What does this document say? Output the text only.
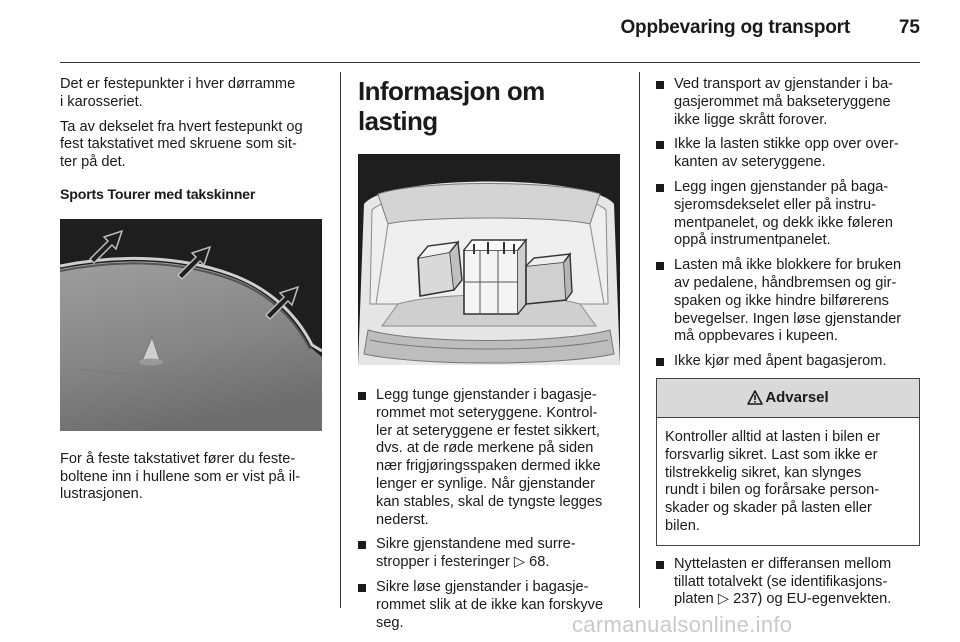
Oppbevaring og transport	75

Det er festepunkter i hver dørramme
i karosseriet.

Ta av dekselet fra hvert festepunkt og
fest takstativet med skruene som sit-
ter på det.

Sports Tourer med takskinner

For å feste takstativet fører du feste-
boltene inn i hullene som er vist på il-
lustrasjonen.

Informasjon om lasting

Legg tunge gjenstander i bagasje-
rommet mot seteryggene. Kontrol-
ler at seteryggene er festet sikkert,
dvs. at de røde merkene på siden
nær frigjøringsspaken dermed ikke
lenger er synlige. Når gjenstander
kan stables, skal de tyngste legges
nederst.
Sikre gjenstandene med surre-
stropper i festeringer ▷ 68.
Sikre løse gjenstander i bagasje-
rommet slik at de ikke kan forskyve
seg.
Ved transport av gjenstander i ba-
gasjerommet må bakseteryggene
ikke ligge skrått forover.
Ikke la lasten stikke opp over over-
kanten av seteryggene.
Legg ingen gjenstander på baga-
sjeromsdekselet eller på instru-
mentpanelet, og dekk ikke føleren
oppå instrumentpanelet.
Lasten må ikke blokkere for bruken
av pedalene, håndbremsen og gir-
spaken og ikke hindre bilførerens
bevegelser. Ingen løse gjenstander
må oppbevares i kupeen.
Ikke kjør med åpent bagasjerom.
Advarsel
Kontroller alltid at lasten i bilen er
forsvarlig sikret. Last som ikke er
tilstrekkelig sikret, kan slynges
rundt i bilen og forårsake person-
skader og skader på lasten eller
bilen.
Nyttelasten er differansen mellom
tillatt totalvekt (se identifikasjons-
platen ▷ 237) og EU-egenvekten.
carmanualsonline.info
